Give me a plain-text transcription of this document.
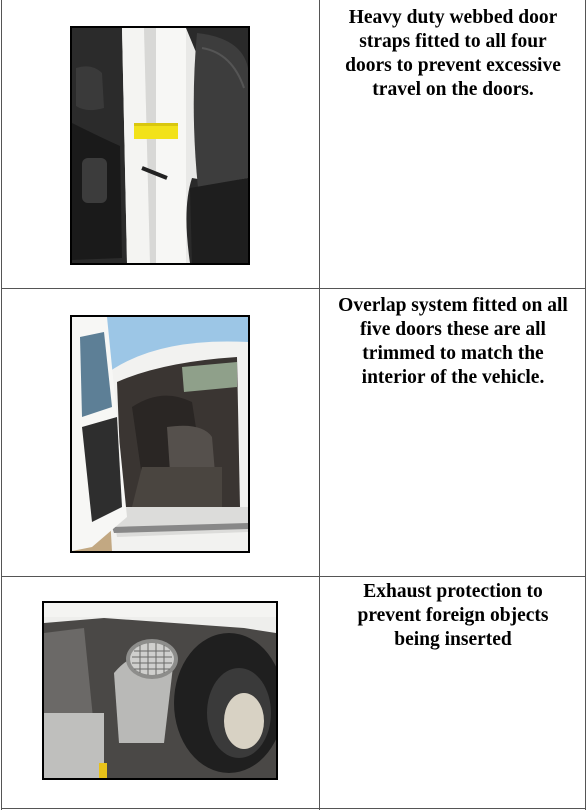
Heavy duty webbed door
straps fitted to all four
doors to prevent excessive
travel on the doors.
Overlap system fitted on all
five doors these are all
trimmed to match the
interior of the vehicle.
Exhaust protection to
prevent foreign objects
being inserted
